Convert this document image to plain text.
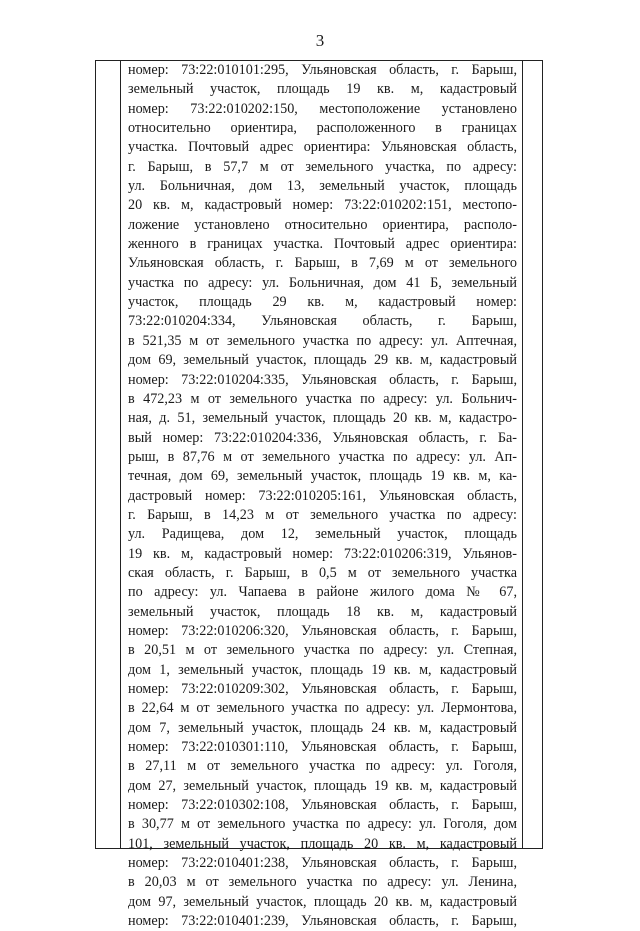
3
номер: 73:22:010101:295, Ульяновская область, г. Барыш,
земельный участок, площадь 19 кв. м, кадастровый
номер: 73:22:010202:150, местоположение установлено
относительно ориентира, расположенного в границах
участка. Почтовый адрес ориентира: Ульяновская область,
г. Барыш, в 57,7 м от земельного участка, по адресу:
ул. Больничная, дом 13, земельный участок, площадь
20 кв. м, кадастровый номер: 73:22:010202:151, местопо-
ложение установлено относительно ориентира, располо-
женного в границах участка. Почтовый адрес ориентира:
Ульяновская область, г. Барыш, в 7,69 м от земельного
участка по адресу: ул. Больничная, дом 41 Б, земельный
участок, площадь 29 кв. м, кадастровый номер:
73:22:010204:334, Ульяновская область, г. Барыш,
в 521,35 м от земельного участка по адресу: ул. Аптечная,
дом 69, земельный участок, площадь 29 кв. м, кадастровый
номер: 73:22:010204:335, Ульяновская область, г. Барыш,
в 472,23 м от земельного участка по адресу: ул. Больнич-
ная, д. 51, земельный участок, площадь 20 кв. м, кадастро-
вый номер: 73:22:010204:336, Ульяновская область, г. Ба-
рыш, в 87,76 м от земельного участка по адресу: ул. Ап-
течная, дом 69, земельный участок, площадь 19 кв. м, ка-
дастровый номер: 73:22:010205:161, Ульяновская область,
г. Барыш, в 14,23 м от земельного участка по адресу:
ул. Радищева, дом 12, земельный участок, площадь
19 кв. м, кадастровый номер: 73:22:010206:319, Ульянов-
ская область, г. Барыш, в 0,5 м от земельного участка
по адресу: ул. Чапаева в районе жилого дома № 67,
земельный участок, площадь 18 кв. м, кадастровый
номер: 73:22:010206:320, Ульяновская область, г. Барыш,
в 20,51 м от земельного участка по адресу: ул. Степная,
дом 1, земельный участок, площадь 19 кв. м, кадастровый
номер: 73:22:010209:302, Ульяновская область, г. Барыш,
в 22,64 м от земельного участка по адресу: ул. Лермонтова,
дом 7, земельный участок, площадь 24 кв. м, кадастровый
номер: 73:22:010301:110, Ульяновская область, г. Барыш,
в 27,11 м от земельного участка по адресу: ул. Гоголя,
дом 27, земельный участок, площадь 19 кв. м, кадастровый
номер: 73:22:010302:108, Ульяновская область, г. Барыш,
в 30,77 м от земельного участка по адресу: ул. Гоголя, дом
101, земельный участок, площадь 20 кв. м, кадастровый
номер: 73:22:010401:238, Ульяновская область, г. Барыш,
в 20,03 м от земельного участка по адресу: ул. Ленина,
дом 97, земельный участок, площадь 20 кв. м, кадастровый
номер: 73:22:010401:239, Ульяновская область, г. Барыш,
